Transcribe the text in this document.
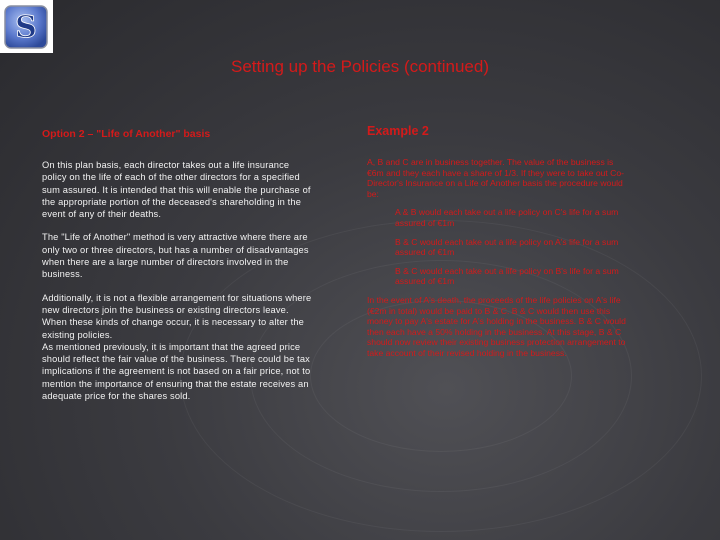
S
Setting up the Policies (continued)
Option 2 – "Life of Another" basis

On this plan basis, each director takes out a life insurance policy on the life of each of the other directors for a specified sum assured. It is intended that this will enable the purchase of the appropriate portion of the deceased's shareholding in the event of any of their deaths.

The "Life of Another" method is very attractive where there are only two or three directors, but has a number of disadvantages when there are a large number of directors involved in the business.

Additionally, it is not a flexible arrangement for situations where new directors join the business or existing directors leave. When these kinds of change occur, it is necessary to alter the existing policies.

As mentioned previously, it is important that the agreed price should reflect the fair value of the business. There could be tax implications if the agreement is not based on a fair price, not to mention the importance of ensuring that the estate receives an adequate price for the shares sold.

Example 2

A, B and C are in business together. The value of the business is €6m and they each have a share of 1/3. If they were to take out Co-Director's Insurance on a Life of Another basis the procedure would be:

A & B would each take out a life policy on C's life for a sum assured of €1m

B & C would each take out a life policy on A's life for a sum assured of €1m

B & C would each take out a life policy on B's life for a sum assured of €1m

In the event of A's death, the proceeds of the life policies on A's life (€2m in total) would be paid to B & C. B & C would then use this money to pay A's estate for A's holding in the business. B & C would then each have a 50% holding in the business. At this stage, B & C should now review their existing business protection arrangement to take account of their revised holding in the business.
